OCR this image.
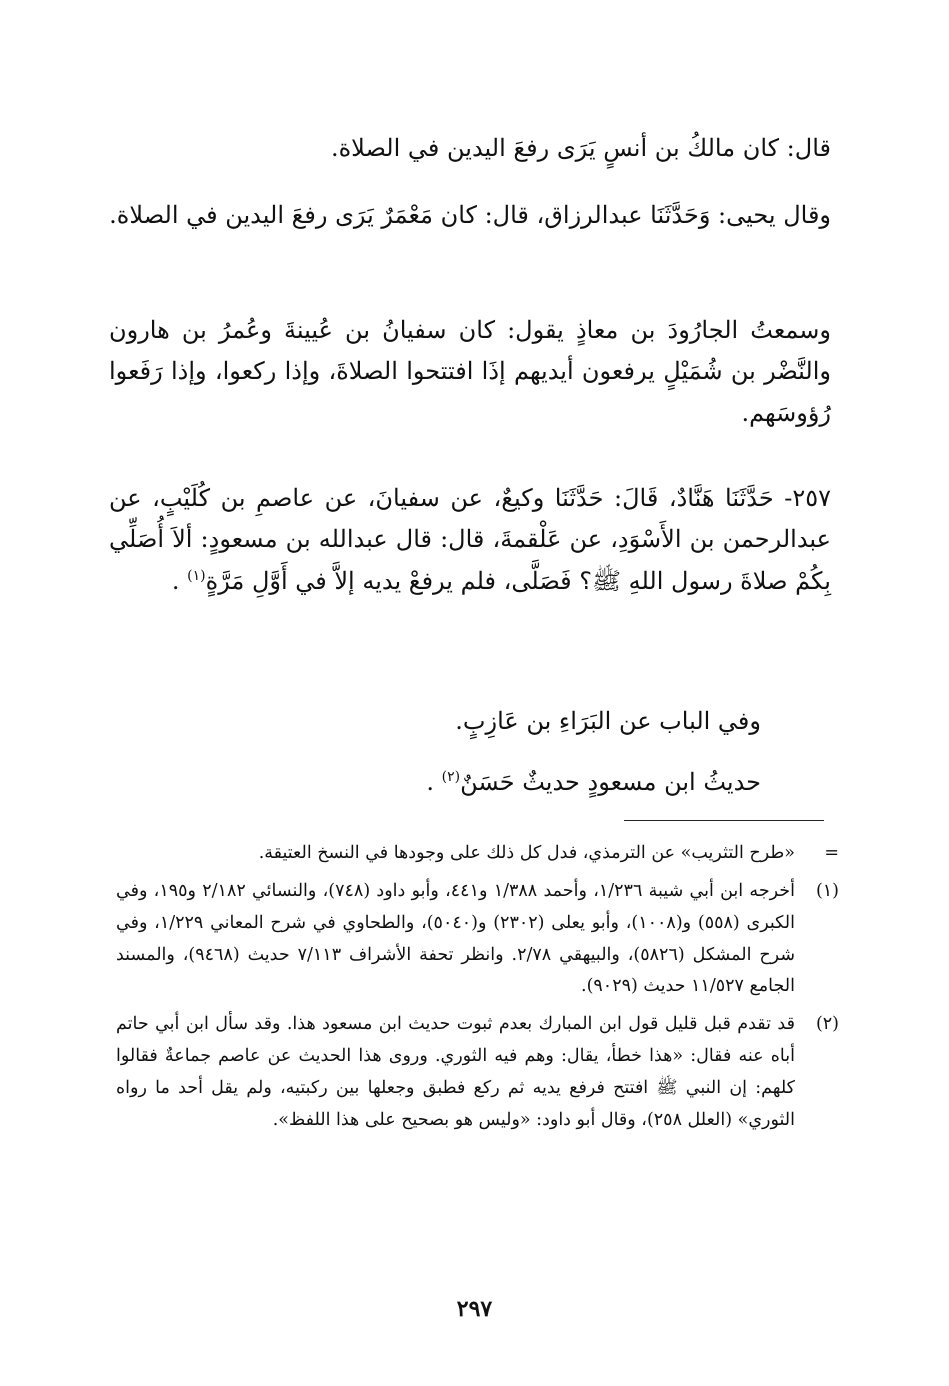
قال: كان مالكُ بن أنسٍ يَرَى رفعَ اليدين في الصلاة.

وقال يحيى: وَحَدَّثَنَا عبدالرزاق، قال: كان مَعْمَرٌ يَرَى رفعَ اليدين في الصلاة.

وسمعتُ الجارُودَ بن معاذٍ يقول: كان سفيانُ بن عُيينةَ وعُمرُ بن هارون والنَّضْر بن شُمَيْلٍ يرفعون أيديهم إذَا افتتحوا الصلاةَ، وإذا ركعوا، وإذا رَفَعوا رُؤوسَهم.

٢٥٧- حَدَّثَنَا هَنَّادٌ، قَالَ: حَدَّثَنَا وكيعٌ، عن سفيانَ، عن عاصمِ بن كُلَيْبٍ، عن عبدالرحمن بن الأَسْوَدِ، عن عَلْقمةَ، قال: قال عبدالله بن مسعودٍ: ألاَ أُصَلِّي بِكُمْ صلاةَ رسول اللهِ ﷺ؟ فَصَلَّى، فلم يرفعْ يديه إلاَّ في أَوَّلِ مَرَّةٍ$^{(١)}$ .

وفي الباب عن البَرَاءِ بن عَازِبٍ.

حديثُ ابن مسعودٍ حديثٌ حَسَنٌ$^{(٢)}$ .

=
«طرح التثريب» عن الترمذي، فدل كل ذلك على وجودها في النسخ العتيقة.
(١)
أخرجه ابن أبي شيبة ١/٢٣٦، وأحمد ١/٣٨٨ و٤٤١، وأبو داود (٧٤٨)، والنسائي ٢/١٨٢ و١٩٥، وفي الكبرى (٥٥٨) و(١٠٠٨)، وأبو يعلى (٢٣٠٢) و(٥٠٤٠)، والطحاوي في شرح المعاني ١/٢٢٩، وفي شرح المشكل (٥٨٢٦)، والبيهقي ٢/٧٨. وانظر تحفة الأشراف ٧/١١٣ حديث (٩٤٦٨)، والمسند الجامع ١١/٥٢٧ حديث (٩٠٢٩).
(٢)
قد تقدم قبل قليل قول ابن المبارك بعدم ثبوت حديث ابن مسعود هذا. وقد سأل ابن أبي حاتم أباه عنه فقال: «هذا خطأ، يقال: وهم فيه الثوري. وروى هذا الحديث عن عاصم جماعةٌ فقالوا كلهم: إن النبي ﷺ افتتح فرفع يديه ثم ركع فطبق وجعلها بين ركبتيه، ولم يقل أحد ما رواه الثوري» (العلل ٢٥٨)، وقال أبو داود: «وليس هو بصحيح على هذا اللفظ».
٢٩٧
